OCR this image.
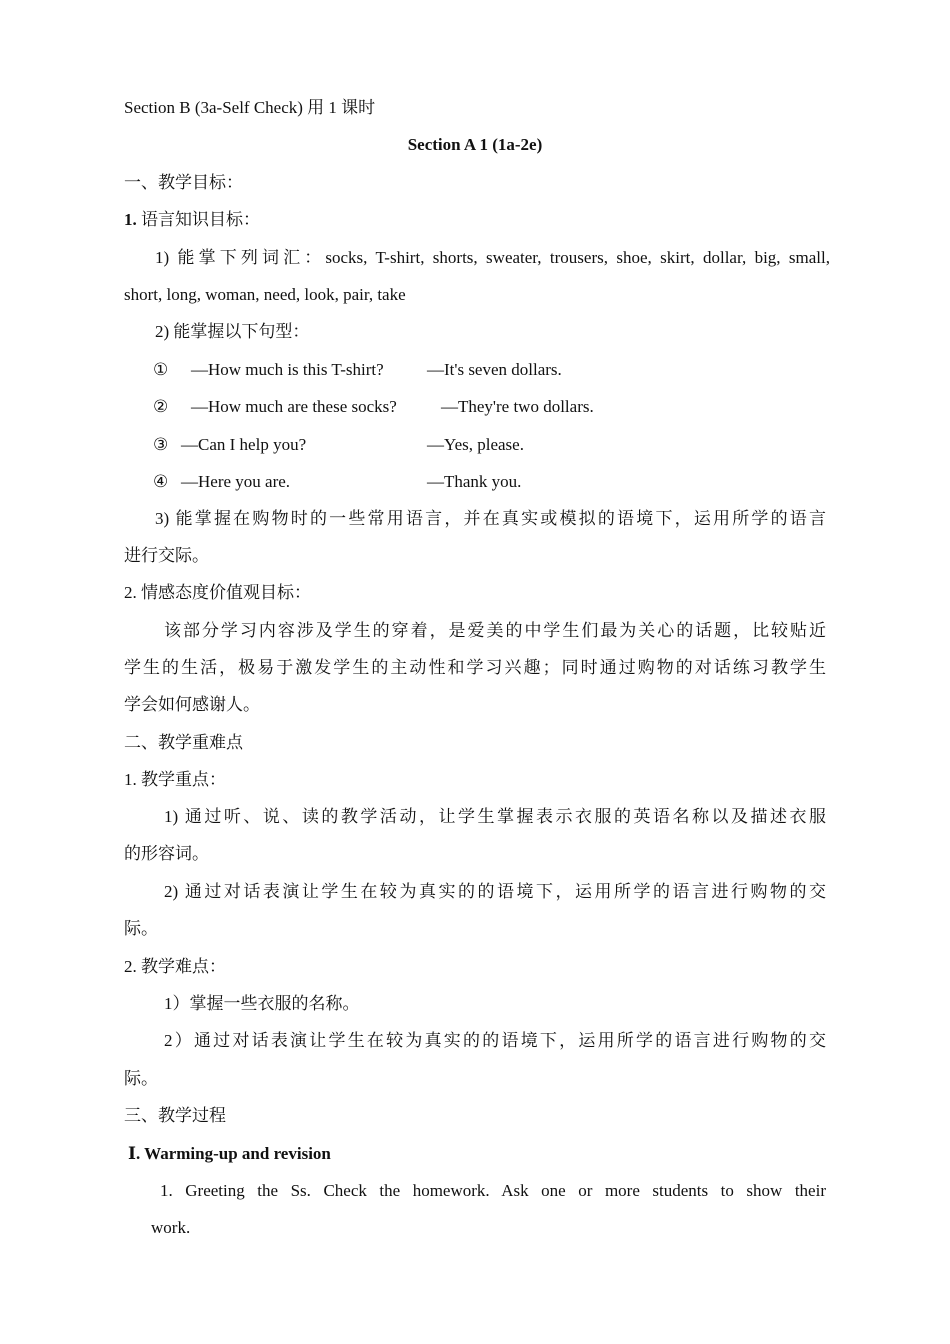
Section B (3a-Self Check) 用 1 课时
Section A 1 (1a-2e)
一、教学目标：
1. 语言知识目标：
1) 能掌下列词汇：socks, T-shirt, shorts, sweater, trousers, shoe, skirt, dollar, big, small,
short, long, woman, need, look, pair, take
2) 能掌握以下句型：
① —How much is this T-shirt?	—It's seven dollars.
② —How much are these socks?	—They're two dollars.
③ —Can I help you?	—Yes, please.
④ —Here you are.	—Thank you.
3) 能掌握在购物时的一些常用语言，并在真实或模拟的语境下，运用所学的语言
进行交际。
2. 情感态度价值观目标：
该部分学习内容涉及学生的穿着，是爱美的中学生们最为关心的话题，比较贴近
学生的生活，极易于激发学生的主动性和学习兴趣；同时通过购物的对话练习教学生
学会如何感谢人。
二、教学重难点
1. 教学重点：
1) 通过听、说、读的教学活动，让学生掌握表示衣服的英语名称以及描述衣服
的形容词。
2) 通过对话表演让学生在较为真实的的语境下，运用所学的语言进行购物的交
际。
2. 教学难点：
1）掌握一些衣服的名称。
2）通过对话表演让学生在较为真实的的语境下，运用所学的语言进行购物的交
际。
三、教学过程
Ⅰ. Warming-up and revision
1. Greeting the Ss. Check the homework. Ask one or more students to show their
work.
